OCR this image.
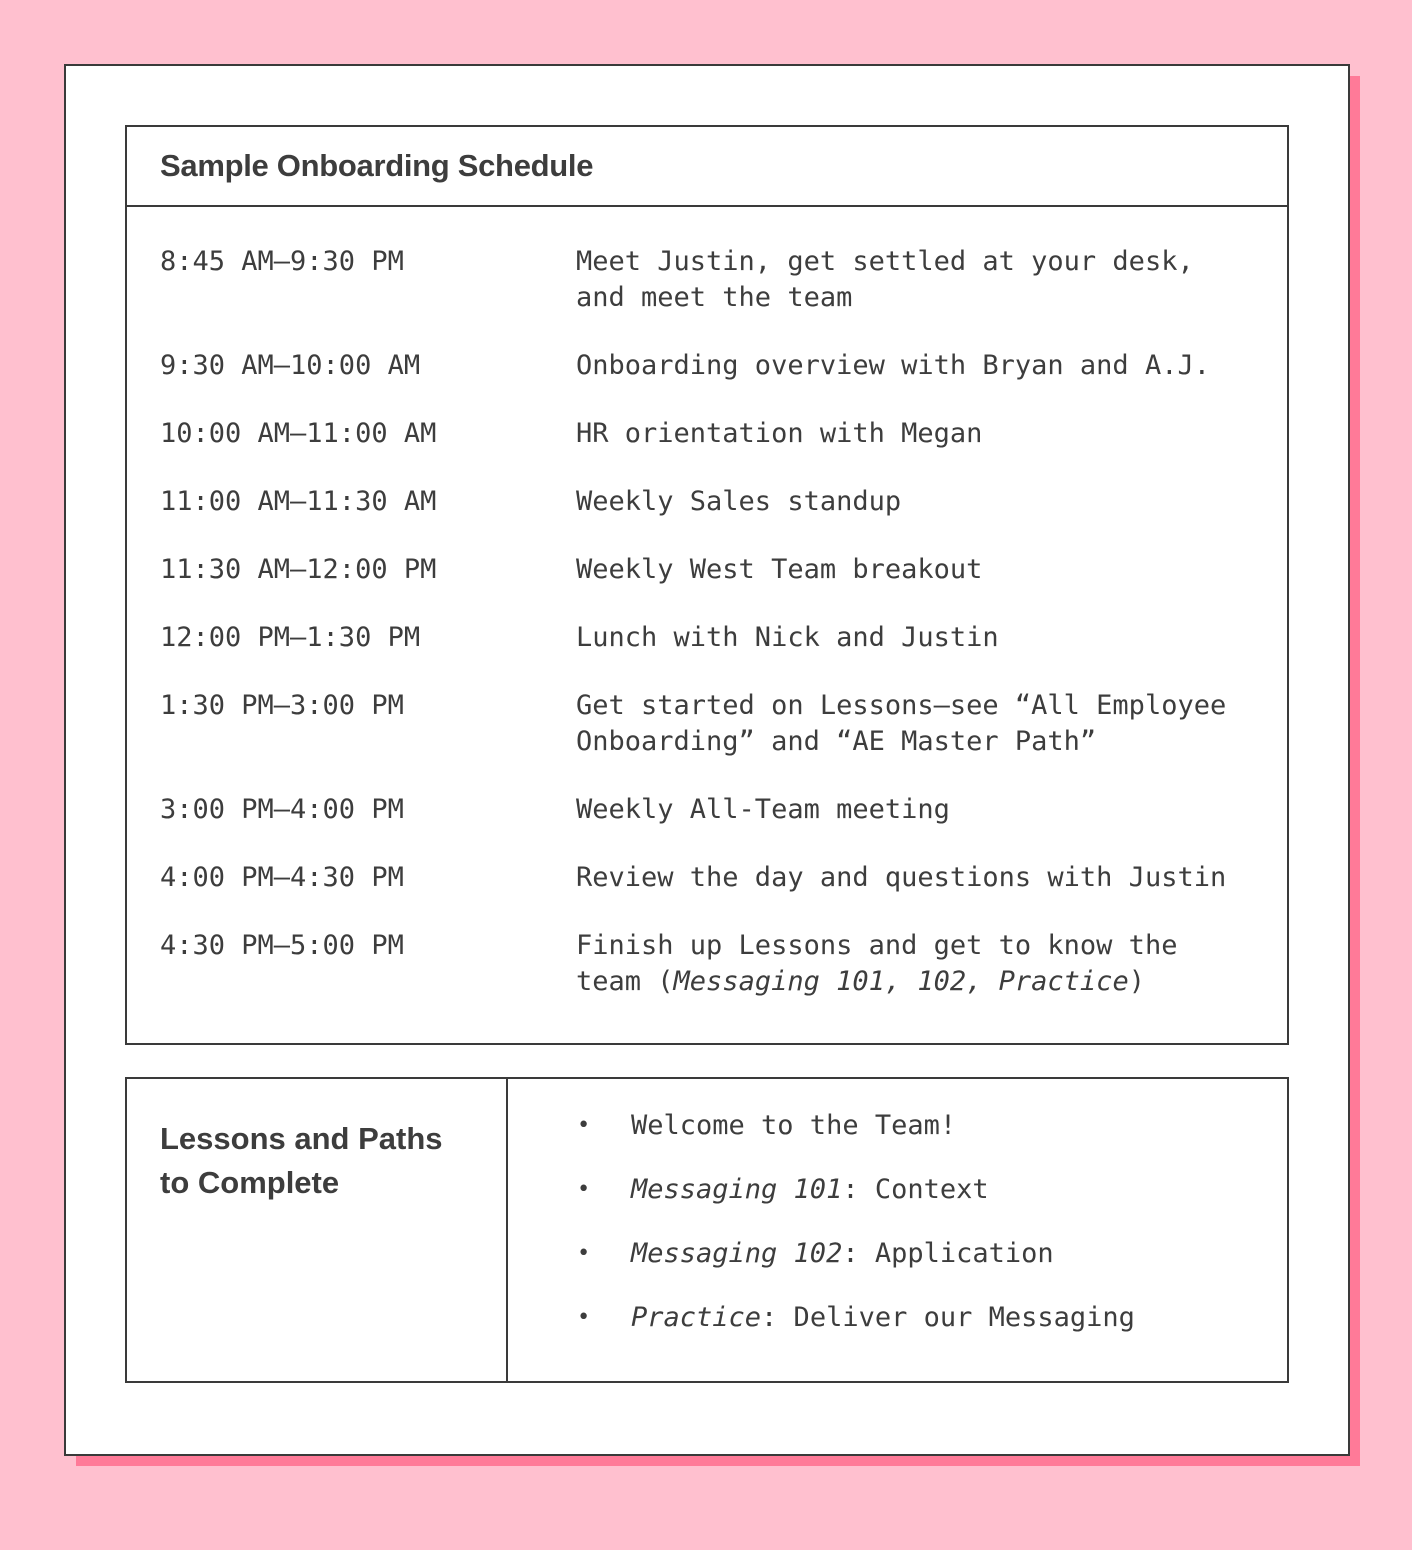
Sample Onboarding Schedule
8:45 AM–9:30 PM	Meet Justin, get settled at your desk,
and meet the team
9:30 AM–10:00 AM	Onboarding overview with Bryan and A.J.
10:00 AM–11:00 AM	HR orientation with Megan
11:00 AM–11:30 AM	Weekly Sales standup
11:30 AM–12:00 PM	Weekly West Team breakout
12:00 PM–1:30 PM	Lunch with Nick and Justin
1:30 PM–3:00 PM	Get started on Lessons–see “All Employee
Onboarding” and “AE Master Path”
3:00 PM–4:00 PM	Weekly All-Team meeting
4:00 PM–4:30 PM	Review the day and questions with Justin
4:30 PM–5:00 PM	Finish up Lessons and get to know the
team (Messaging 101, 102, Practice)
Lessons and Paths to Complete
•	Welcome to the Team!
•	Messaging 101 : Context
•	Messaging 102 : Application
•	Practice : Deliver our Messaging
